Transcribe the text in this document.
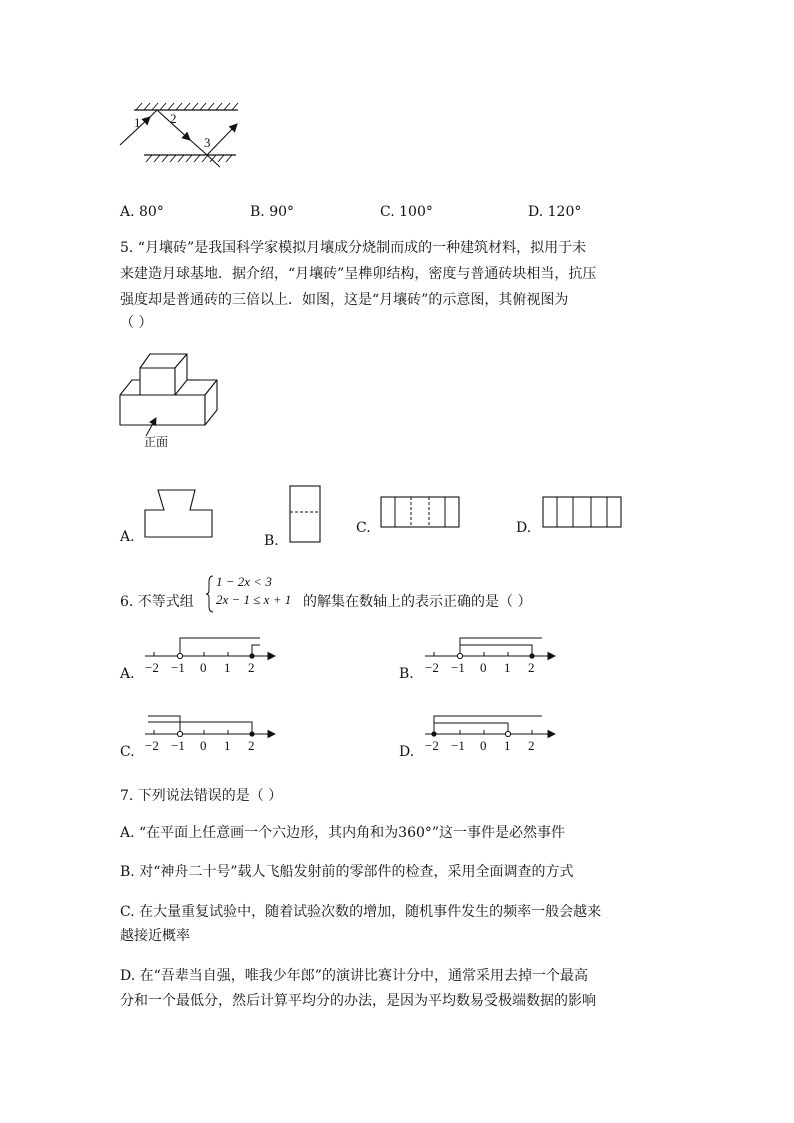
1 2
3
A. 80°	B. 90°	C. 100°	D. 120°
5. “月壤砖”是我国科学家模拟月壤成分烧制而成的一种建筑材料，拟用于未
来建造月球基地．据介绍，“月壤砖”呈榫卯结构，密度与普通砖块相当，抗压
强度却是普通砖的三倍以上．如图，这是“月壤砖”的示意图，其俯视图为
（ ）
正面
A.	B.
C.	D.
6. 不等式组
1 − 2x < 3
2x − 1 ≤ x + 1 的解集在数轴上的表示正确的是（ ）
A. −2 −1 0 1 2	B. −2 −1 0 1 2
C. −2 −1 0 1 2	D. −2 −1 0 1 2
7. 下列说法错误的是（ ）
A. “在平面上任意画一个六边形，其内角和为360°”这一事件是必然事件
B. 对“神舟二十号”载人飞船发射前的零部件的检查，采用全面调查的方式
C. 在大量重复试验中，随着试验次数的增加，随机事件发生的频率一般会越来
越接近概率
D. 在“吾辈当自强，唯我少年郎”的演讲比赛计分中，通常采用去掉一个最高
分和一个最低分，然后计算平均分的办法，是因为平均数易受极端数据的影响
